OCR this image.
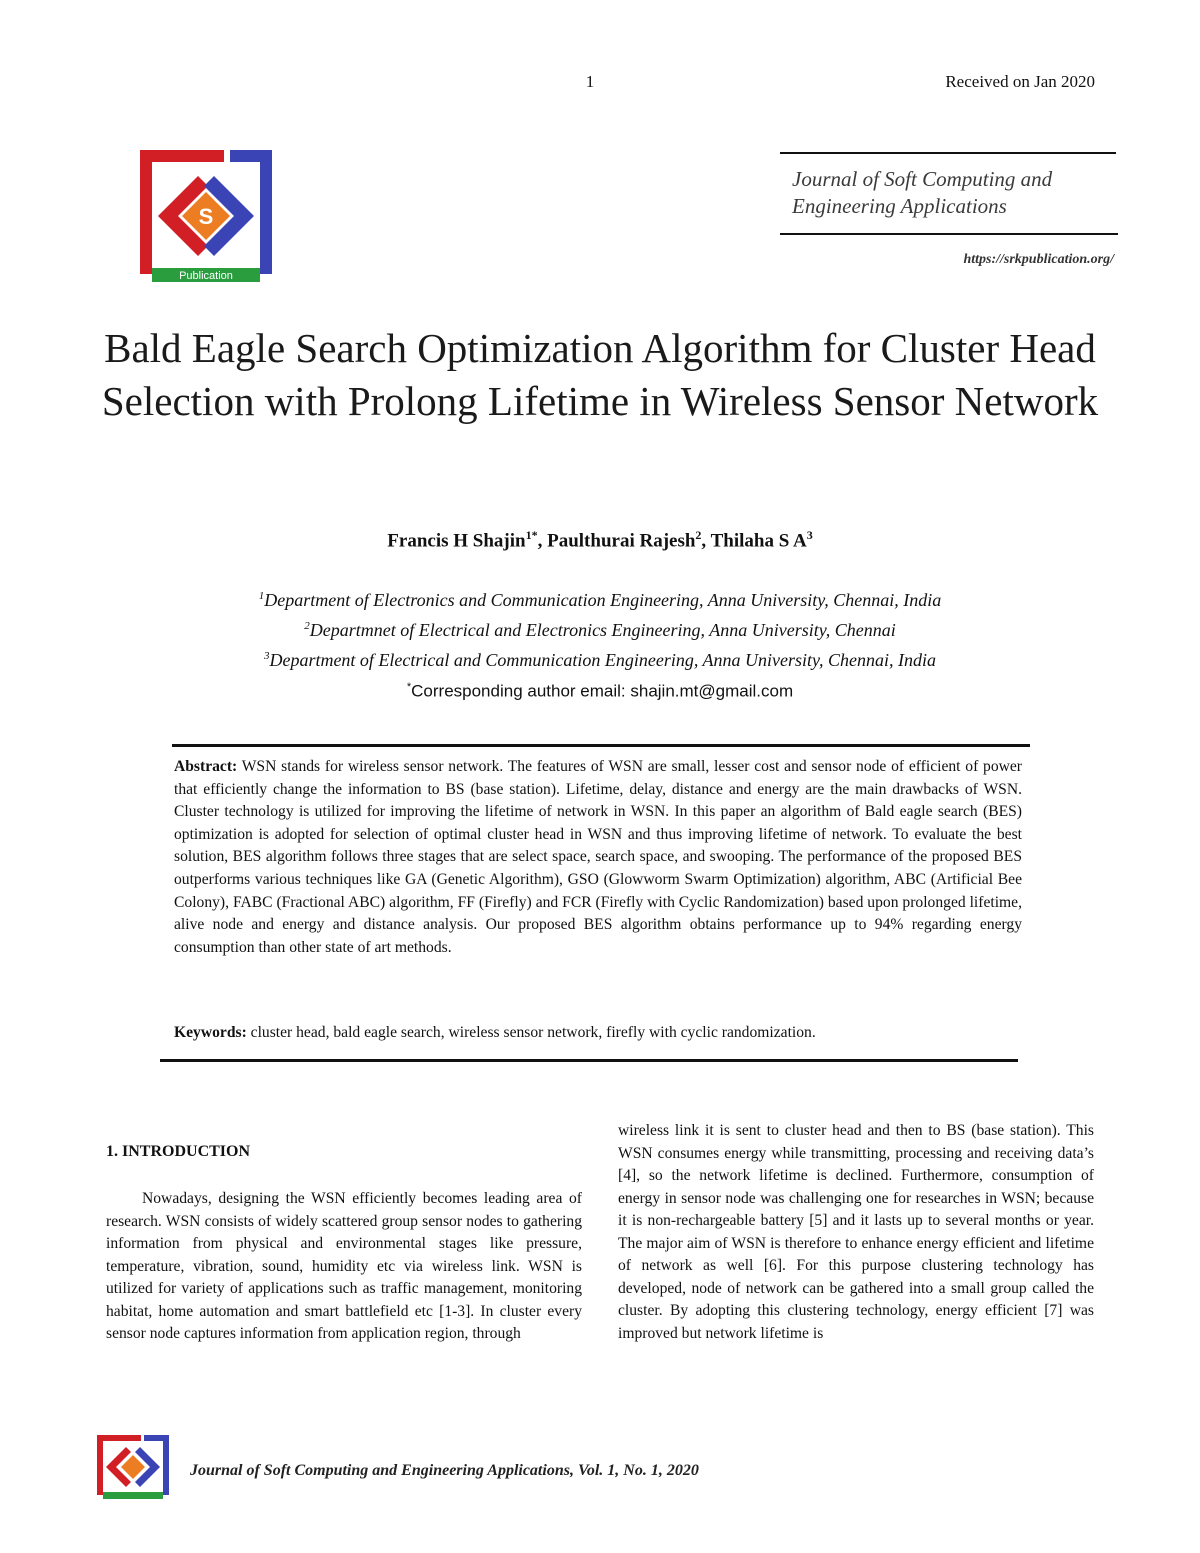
1	Received on Jan 2020
S
Publication
Journal of Soft Computing and
Engineering Applications
https://srkpublication.org/
Bald Eagle Search Optimization Algorithm for Cluster Head Selection with Prolong Lifetime in Wireless Sensor Network
Francis H Shajin$^{1*}$, Paulthurai Rajesh$^2$, Thilaha S $A^3$
$^1$Department of Electronics and Communication Engineering, Anna University, Chennai, India
$^2$Departmnet of Electrical and Electronics Engineering, Anna University, Chennai
$^3$Department of Electrical and Communication Engineering, Anna University, Chennai, India
*Corresponding author email: shajin.mt@gmail.com
Abstract: WSN stands for wireless sensor network. The features of WSN are small, lesser cost and sensor node of efficient of power that efficiently change the information to BS (base station). Lifetime, delay, distance and energy are the main drawbacks of WSN. Cluster technology is utilized for improving the lifetime of network in WSN. In this paper an algorithm of Bald eagle search (BES) optimization is adopted for selection of optimal cluster head in WSN and thus improving lifetime of network. To evaluate the best solution, BES algorithm follows three stages that are select space, search space, and swooping. The performance of the proposed BES outperforms various techniques like GA (Genetic Algorithm), GSO (Glowworm Swarm Optimization) algorithm, ABC (Artificial Bee Colony), FABC (Fractional ABC) algorithm, FF (Firefly) and FCR (Firefly with Cyclic Randomization) based upon prolonged lifetime, alive node and energy and distance analysis. Our proposed BES algorithm obtains performance up to 94% regarding energy consumption than other state of art methods.
Keywords: cluster head, bald eagle search, wireless sensor network, firefly with cyclic randomization.
1. INTRODUCTION
Nowadays, designing the WSN efficiently becomes leading area of research. WSN consists of widely scattered group sensor nodes to gathering information from physical and environmental stages like pressure, temperature, vibration, sound, humidity etc via wireless link. WSN is utilized for variety of applications such as traffic management, monitoring habitat, home automation and smart battlefield etc [1-3]. In cluster every sensor node captures information from application region, through
wireless link it is sent to cluster head and then to BS (base station). This WSN consumes energy while transmitting, processing and receiving data’s [4], so the network lifetime is declined. Furthermore, consumption of energy in sensor node was challenging one for researches in WSN; because it is non-rechargeable battery [5] and it lasts up to several months or year. The major aim of WSN is therefore to enhance energy efficient and lifetime of network as well [6]. For this purpose clustering technology has developed, node of network can be gathered into a small group called the cluster. By adopting this clustering technology, energy efficient [7] was improved but network lifetime is
Journal of Soft Computing and Engineering Applications, Vol. 1, No. 1, 2020
